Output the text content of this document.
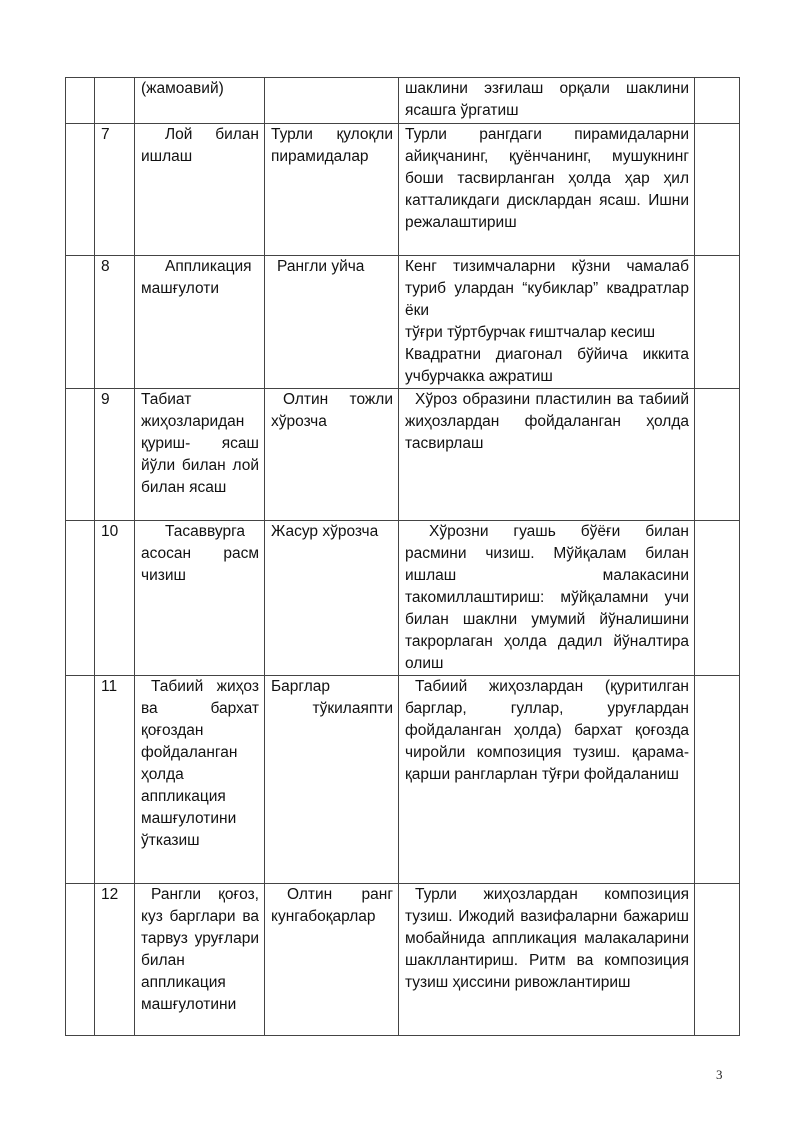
		(жамоавий)		шаклини эзғилаш орқали шаклини ясашга ўргатиш	
	7	Лой билан ишлаш	Турли қулоқли пирамидалар	Турли рангдаги пирамидаларни айиқчанинг, қуёнчанинг, мушукнинг боши тасвирланган ҳолда ҳар ҳил катталикдаги дисклардан ясаш. Ишни режалаштириш	
	8	Аппликация машғулоти	Рангли уйча	Кенг тизимчаларни кўзни чамалаб туриб улардан “кубиклар” квадратлар ёки
тўғри тўртбурчак ғиштчалар кесиш
Квадратни диагонал бўйича иккита учбурчакка ажратиш	
	9	Табиат жиҳозларидан қуриш- ясаш йўли билан лой билан ясаш	Олтин тожли хўрозча	Хўроз образини пластилин ва табиий жиҳозлардан фойдаланган ҳолда тасвирлаш	
	10	Тасаввурга асосан расм чизиш	Жасур хўрозча	Хўрозни гуашь бўёғи билан расмини чизиш. Мўйқалам билан ишлаш малакасини такомиллаштириш: мўйқаламни учи билан шаклни умумий йўналишини такрорлаган ҳолда дадил йўналтира олиш	
	11	Табиий жиҳоз ва бархат қоғоздан фойдаланган ҳолда аппликация машғулотини ўтказиш	Барглар тўкилаяпти	Табиий жиҳозлардан (қуритилган барглар, гуллар, уруғлардан фойдаланган ҳолда) бархат қоғозда чиройли композиция тузиш. қарама- қарши рангларлан тўғри фойдаланиш	
	12	Рангли қоғоз, куз барглари ва тарвуз уруғлари билан аппликация машғулотини	Олтин ранг кунгабоқарлар	Турли жиҳозлардан композиция тузиш. Ижодий вазифаларни бажариш мобайнида аппликация малакаларини шакллантириш. Ритм ва композиция тузиш ҳиссини ривожлантириш	
3
